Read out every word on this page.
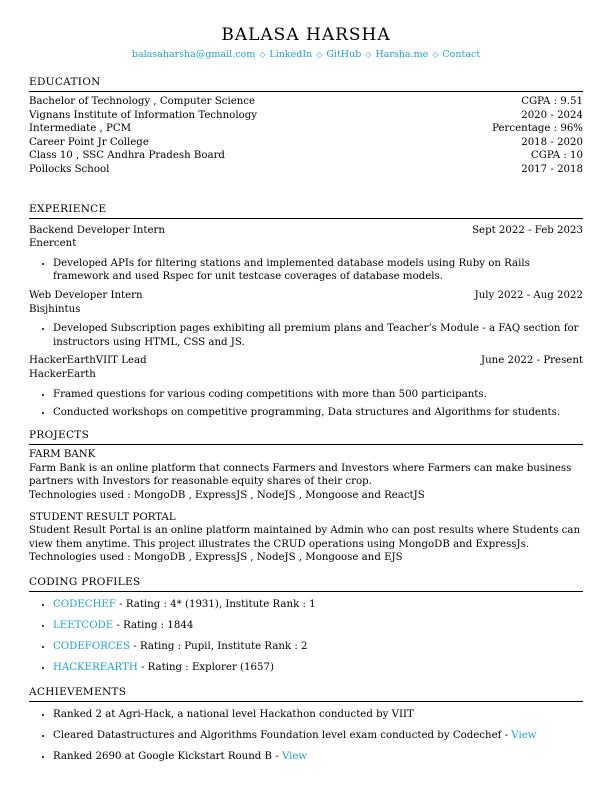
BALASA HARSHA
balasaharsha@gmail.com ◇ LinkedIn ◇ GitHub ◇ Harsha.me ◇ Contact
EDUCATION
Bachelor of Technology , Computer Science	CGPA : 9.51
Vignans Institute of Information Technology	2020 - 2024
Intermediate , PCM	Percentage : 96%
Career Point Jr College	2018 - 2020
Class 10 , SSC Andhra Pradesh Board	CGPA : 10
Pollocks School	2017 - 2018
EXPERIENCE
Backend Developer Intern	Sept 2022 - Feb 2023
Enercent
• Developed APIs for filtering stations and implemented database models using Ruby on Rails framework and used Rspec for unit testcase coverages of database models.
Web Developer Intern	July 2022 - Aug 2022
Bisjhintus
• Developed Subscription pages exhibiting all premium plans and Teacher’s Module - a FAQ section for instructors using HTML, CSS and JS.
HackerEarthVIIT Lead	June 2022 - Present
HackerEarth
• Framed questions for various coding competitions with more than 500 participants.
• Conducted workshops on competitive programming, Data structures and Algorithms for students.
PROJECTS
FARM BANK
Farm Bank is an online platform that connects Farmers and Investors where Farmers can make business partners with Investors for reasonable equity shares of their crop.
Technologies used : MongoDB , ExpressJS , NodeJS , Mongoose and ReactJS
STUDENT RESULT PORTAL
Student Result Portal is an online platform maintained by Admin who can post results where Students can view them anytime. This project illustrates the CRUD operations using MongoDB and ExpressJs.
Technologies used : MongoDB , ExpressJS , NodeJS , Mongoose and EJS
CODING PROFILES
• CODECHEF - Rating : 4* (1931), Institute Rank : 1
• LEETCODE - Rating : 1844
• CODEFORCES - Rating : Pupil, Institute Rank : 2
• HACKEREARTH - Rating : Explorer (1657)
ACHIEVEMENTS
• Ranked 2 at Agri-Hack, a national level Hackathon conducted by VIIT
• Cleared Datastructures and Algorithms Foundation level exam conducted by Codechef - View
• Ranked 2690 at Google Kickstart Round B - View
